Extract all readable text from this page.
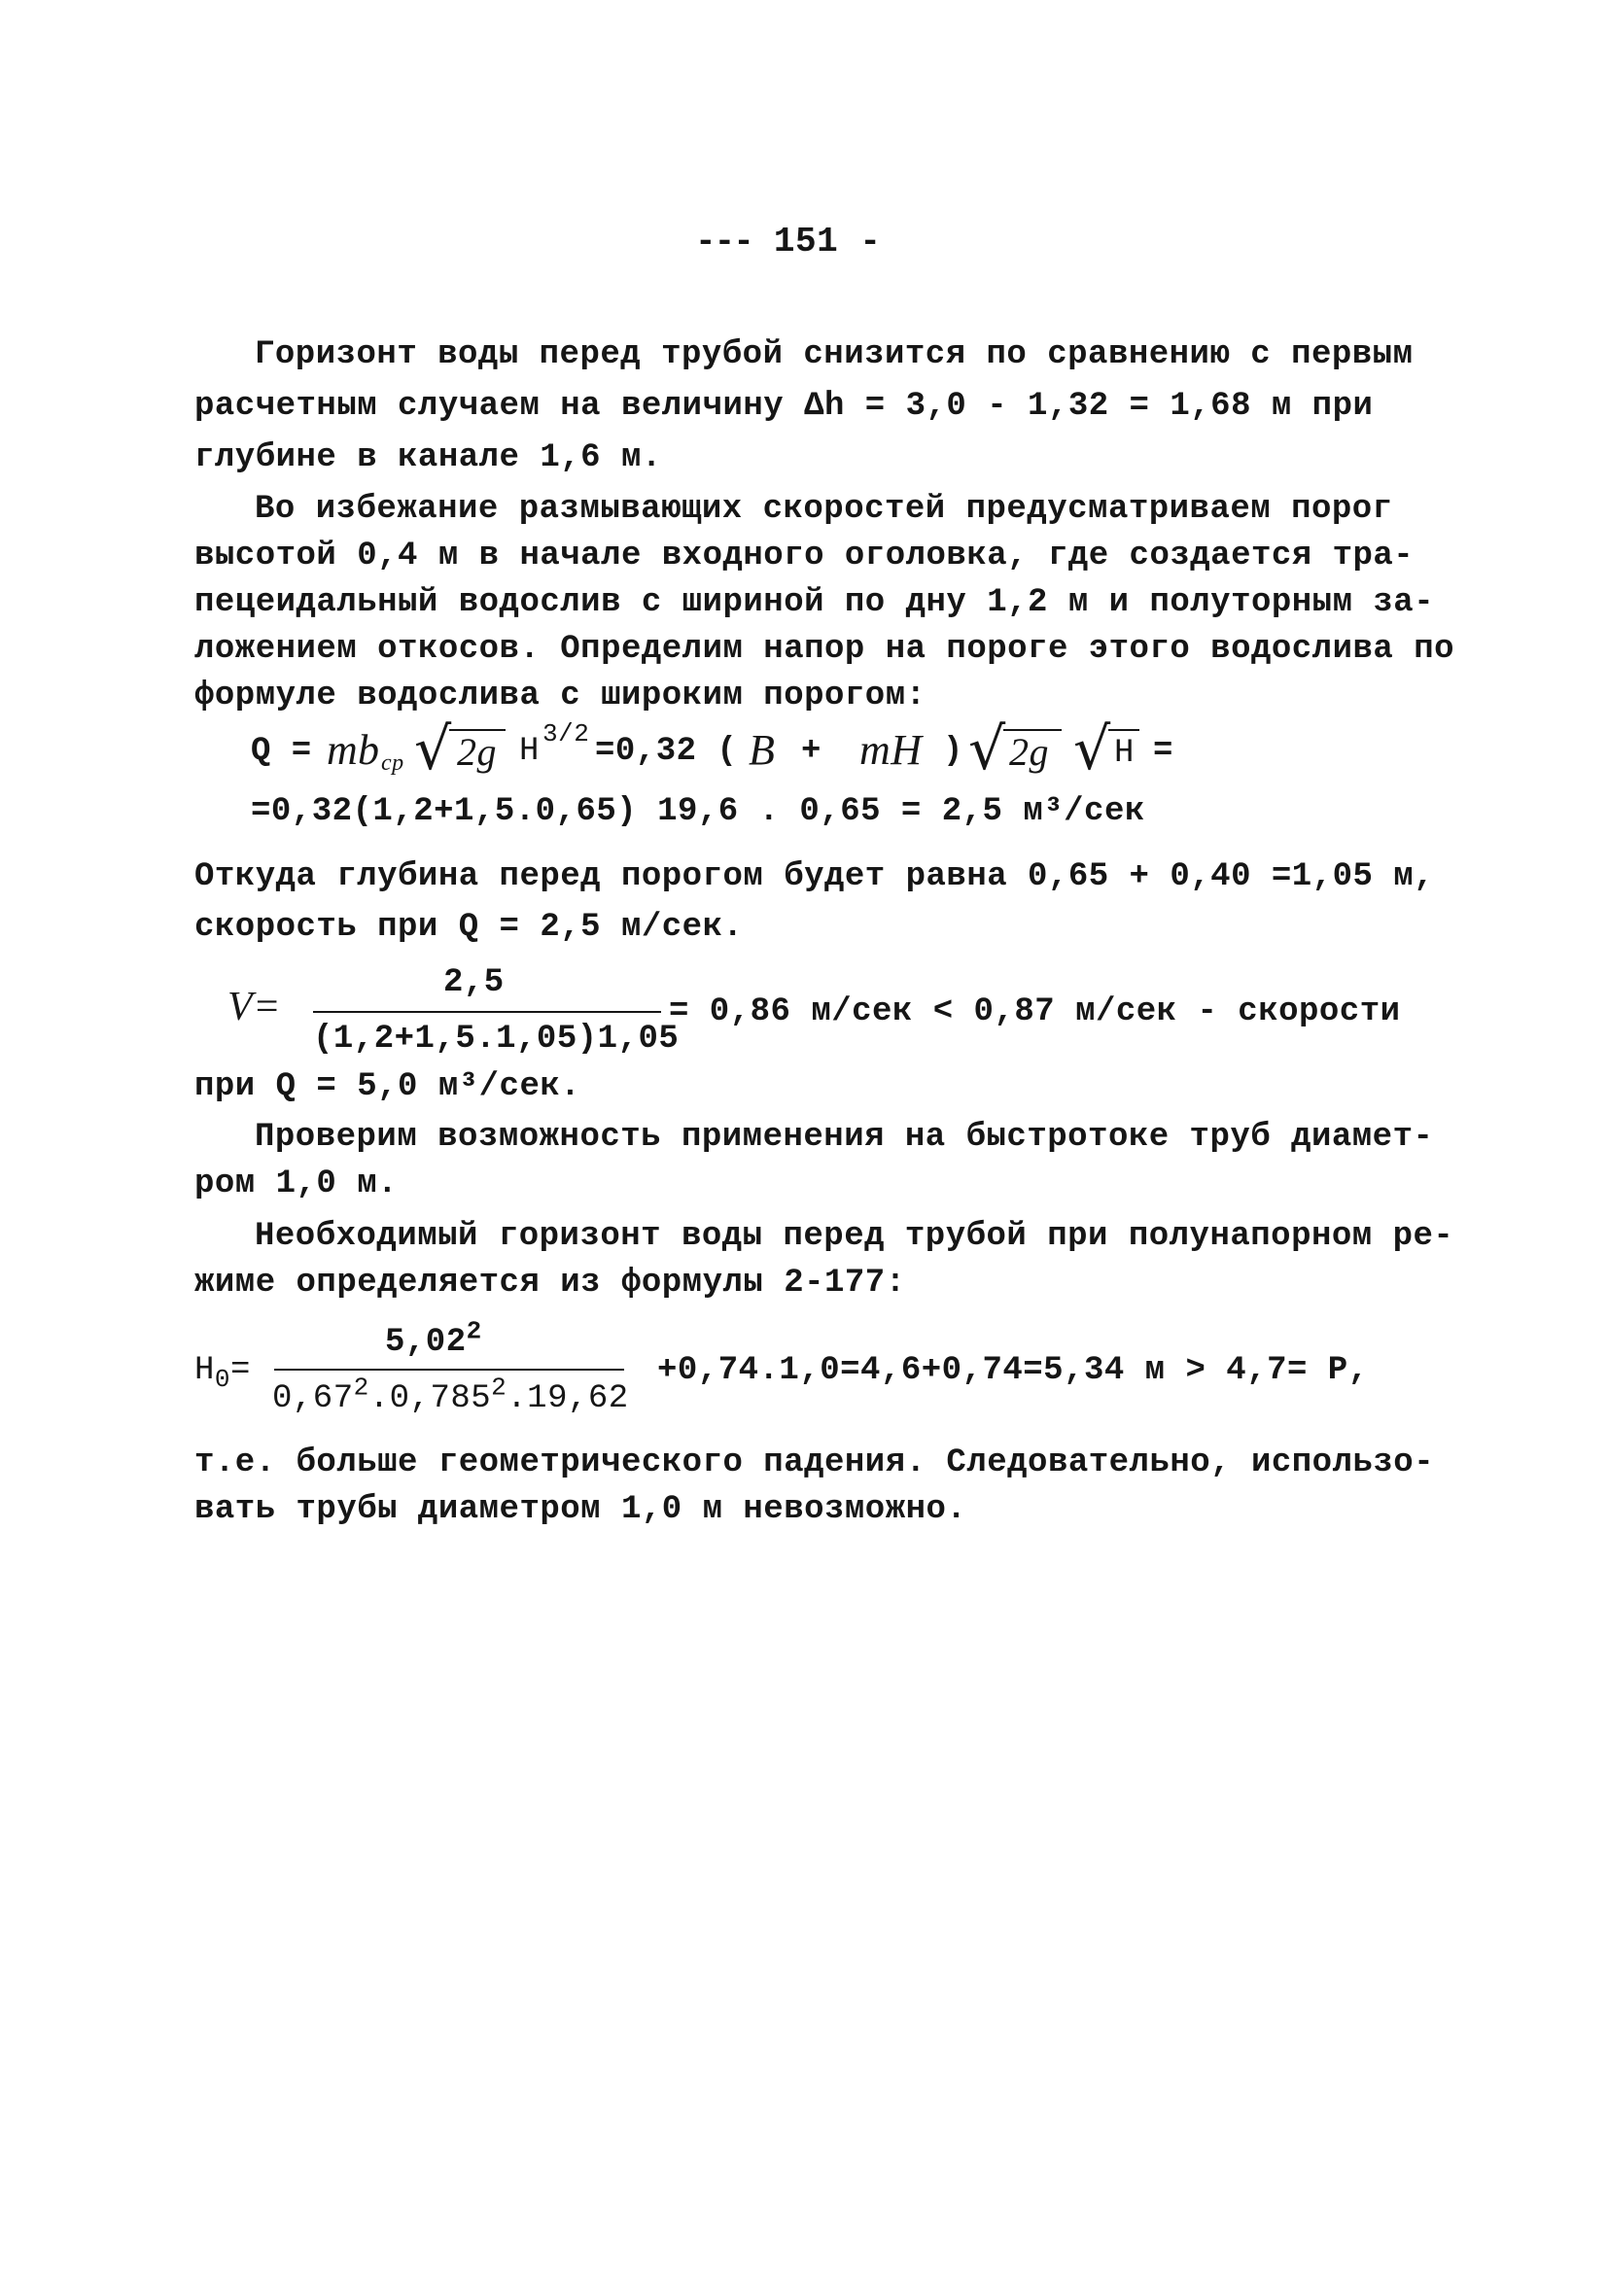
--- 151 -
Горизонт воды перед трубой снизится по сравнению с первым
расчетным случаем на величину Δh = 3,0 - 1,32 = 1,68 м при
глубине в канале 1,6 м.
Во избежание размывающих скоростей предусматриваем порог
высотой 0,4 м в начале входного оголовка, где создается тра-
пецеидальный водослив с шириной по дну 1,2 м и полуторным за-
ложением откосов. Определим напор на пороге этого водослива по
формуле водослива с широким порогом:
Q = m b ср √ 2g H 3/2 =0,32 ( B + mH ) √ 2g √ H =
=0,32(1,2+1,5.0,65) 19,6 . 0,65 = 2,5 м³/сек
Откуда глубина перед порогом будет равна 0,65 + 0,40 =1,05 м,
скорость при Q = 2,5 м/сек.
V=
2,5
(1,2+1,5.1,05)1,05
= 0,86 м/сек < 0,87 м/сек - скорости
при Q = 5,0 м³/сек.
Проверим возможность применения на быстротоке труб диамет-
ром 1,0 м.
Необходимый горизонт воды перед трубой при полунапорном ре-
жиме определяется из формулы 2-177:
$H_0=$
$5,02^2$
$0,67^2.0,785^2.19,62$
+0,74.1,0=4,6+0,74=5,34 м > 4,7= P,
т.е. больше геометрического падения. Следовательно, использо-
вать трубы диаметром 1,0 м невозможно.
